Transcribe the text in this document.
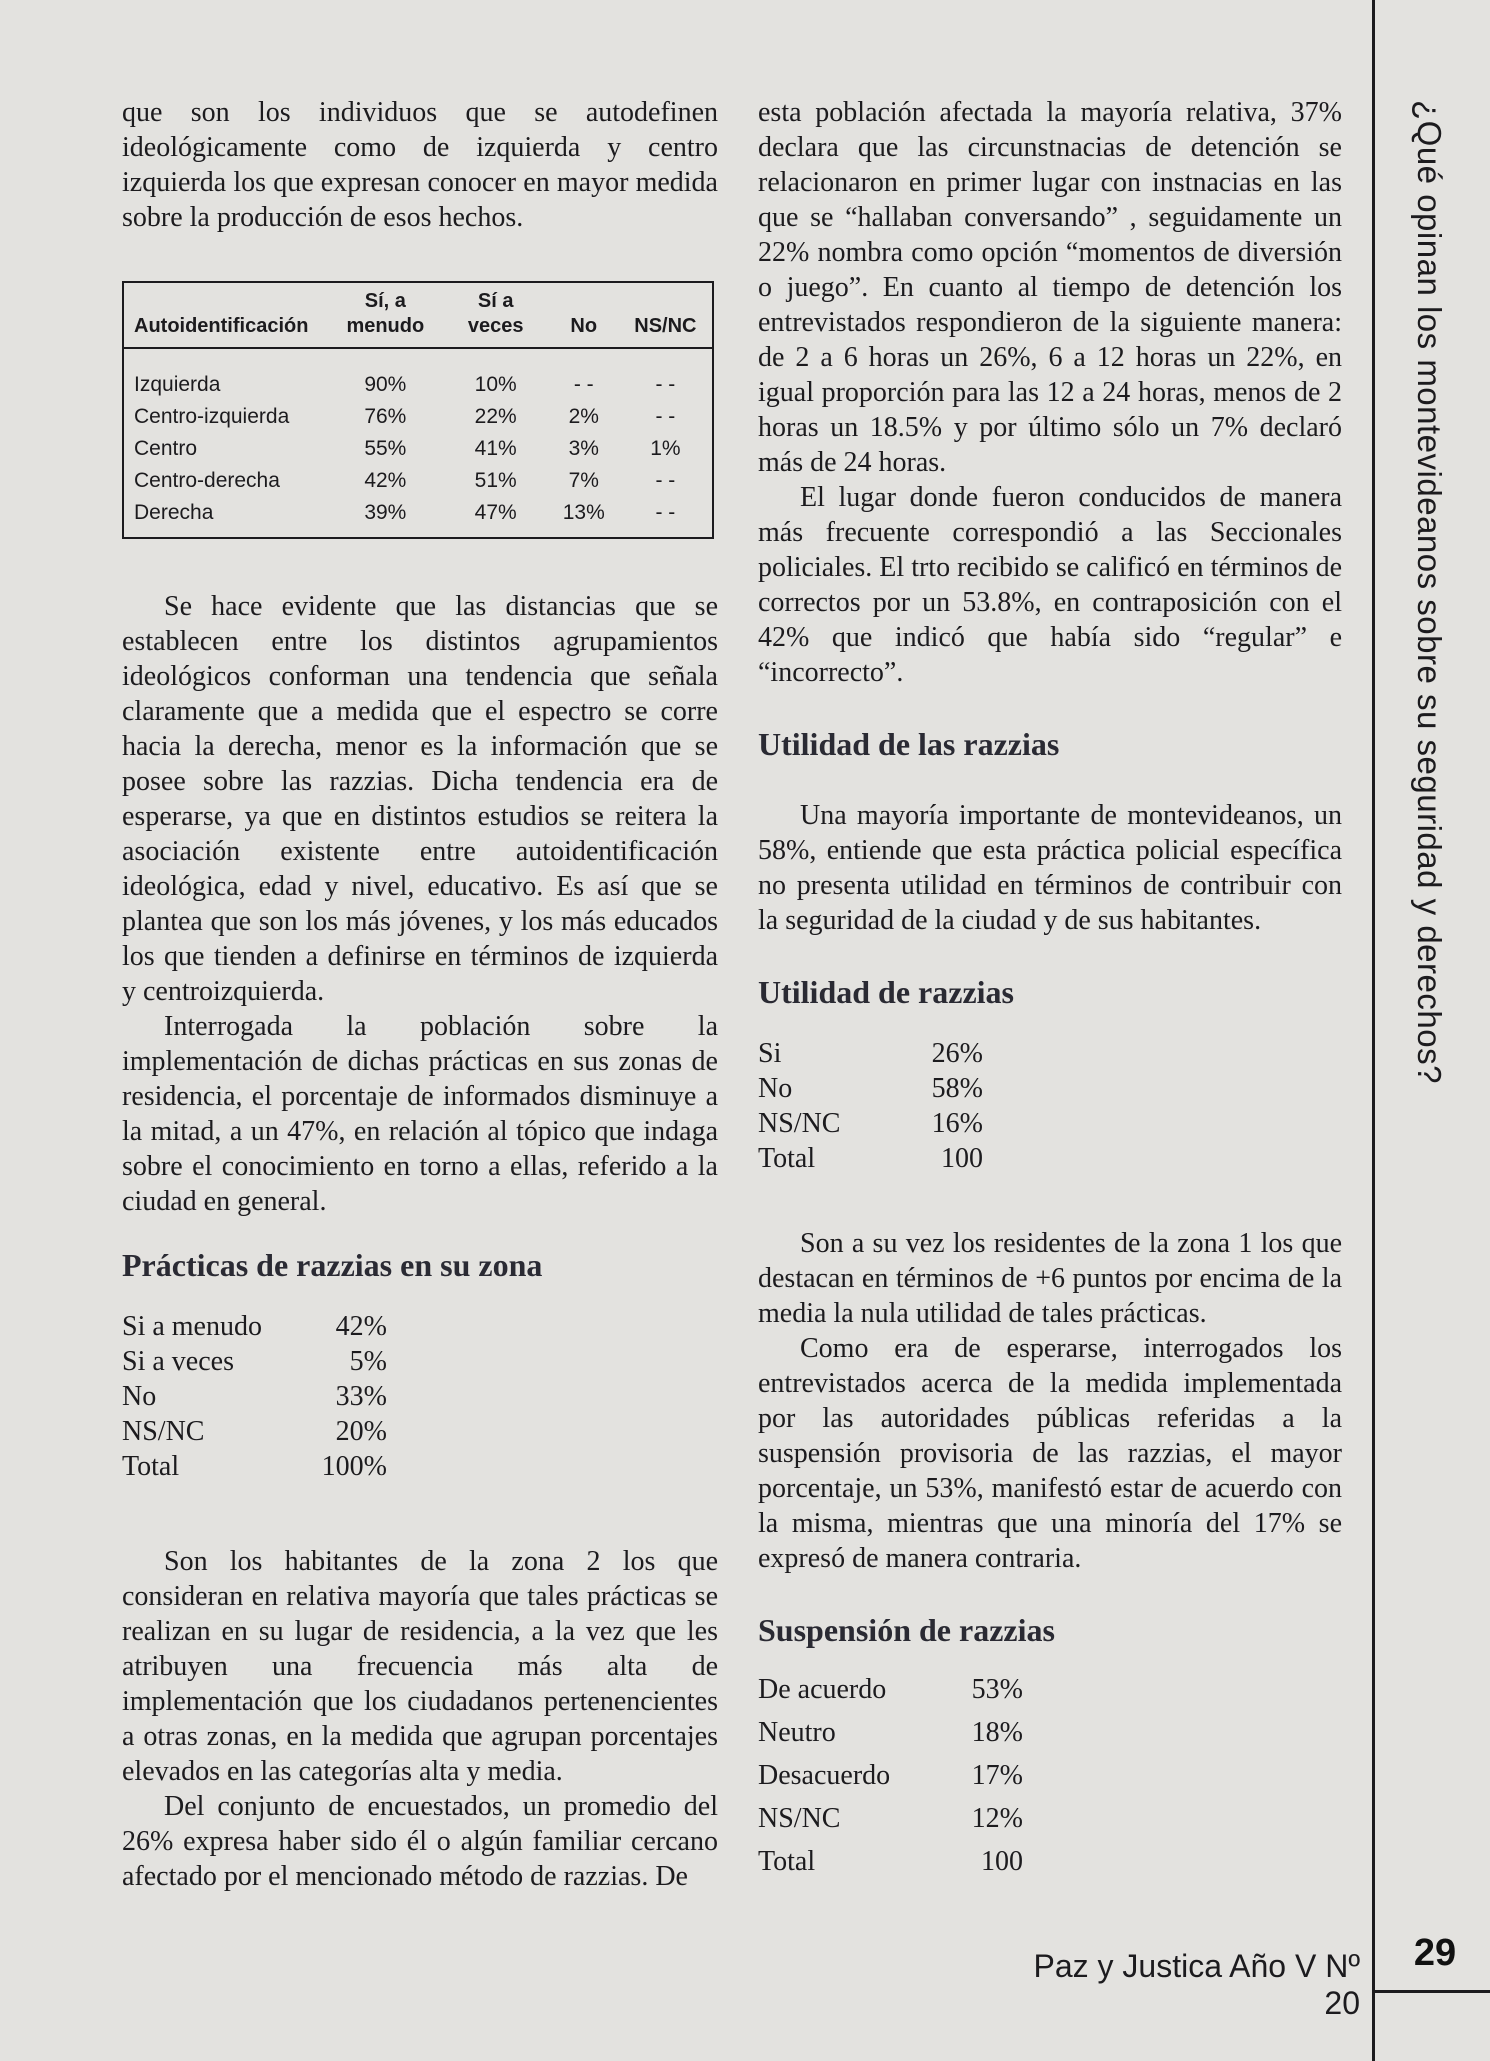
que son los individuos que se autodefinen ideológicamente como de izquierda y centro izquierda los que expresan conocer en mayor medida sobre la producción de esos hechos.

Autoidentificación	Sí, a menudo	Sí a veces	No	NS/NC
Izquierda	90%	10%	- -	- -
Centro-izquierda	76%	22%	2%	- -
Centro	55%	41%	3%	1%
Centro-derecha	42%	51%	7%	- -
Derecha	39%	47%	13%	- -

Se hace evidente que las distancias que se establecen entre los distintos agrupamientos ideológicos conforman una tendencia que señala claramente que a medida que el espectro se corre hacia la derecha, menor es la información que se posee sobre las razzias. Dicha tendencia era de esperarse, ya que en distintos estudios se reitera la asociación existente entre autoidentificación ideológica, edad y nivel, educativo. Es así que se plantea que son los más jóvenes, y los más educados los que tienden a definirse en términos de izquierda y centroizquierda.

Interrogada la población sobre la implementación de dichas prácticas en sus zonas de residencia, el porcentaje de informados disminuye a la mitad, a un 47%, en relación al tópico que indaga sobre el conocimiento en torno a ellas, referido a la ciudad en general.

Prácticas de razzias en su zona
Si a menudo	42%
Si a veces	5%
No	33%
NS/NC	20%
Total	100%

Son los habitantes de la zona 2 los que consideran en relativa mayoría que tales prácticas se realizan en su lugar de residencia, a la vez que les atribuyen una frecuencia más alta de implementación que los ciudadanos pertenencientes a otras zonas, en la medida que agrupan porcentajes elevados en las categorías alta y media.

Del conjunto de encuestados, un promedio del 26% expresa haber sido él o algún familiar cercano afectado por el mencionado método de razzias. De

esta población afectada la mayoría relativa, 37% declara que las circunstnacias de detención se relacionaron en primer lugar con instnacias en las que se “hallaban conversando” , seguidamente un 22% nombra como opción “momentos de diversión o juego”. En cuanto al tiempo de detención los entrevistados respondieron de la siguiente manera: de 2 a 6 horas un 26%, 6 a 12 horas un 22%, en igual proporción para las 12 a 24 horas, menos de 2 horas un 18.5% y por último sólo un 7% declaró más de 24 horas.

El lugar donde fueron conducidos de manera más frecuente correspondió a las Seccionales policiales. El trto recibido se calificó en términos de correctos por un 53.8%, en contraposición con el 42% que indicó que había sido “regular” e “incorrecto”.

Utilidad de las razzias

Una mayoría importante de montevideanos, un 58%, entiende que esta práctica policial específica no presenta utilidad en términos de contribuir con la seguridad de la ciudad y de sus habitantes.

Utilidad de razzias
Si	26%
No	58%
NS/NC	16%
Total	100

Son a su vez los residentes de la zona 1 los que destacan en términos de +6 puntos por encima de la media la nula utilidad de tales prácticas.

Como era de esperarse, interrogados los entrevistados acerca de la medida implementada por las autoridades públicas referidas a la suspensión provisoria de las razzias, el mayor porcentaje, un 53%, manifestó estar de acuerdo con la misma, mientras que una minoría del 17% se expresó de manera contraria.

Suspensión de razzias
De acuerdo	53%
Neutro	18%
Desacuerdo	17%
NS/NC	12%
Total	100
¿Qué opinan los montevideanos sobre su seguridad y derechos?
Paz y Justica Año V Nº 20
29
